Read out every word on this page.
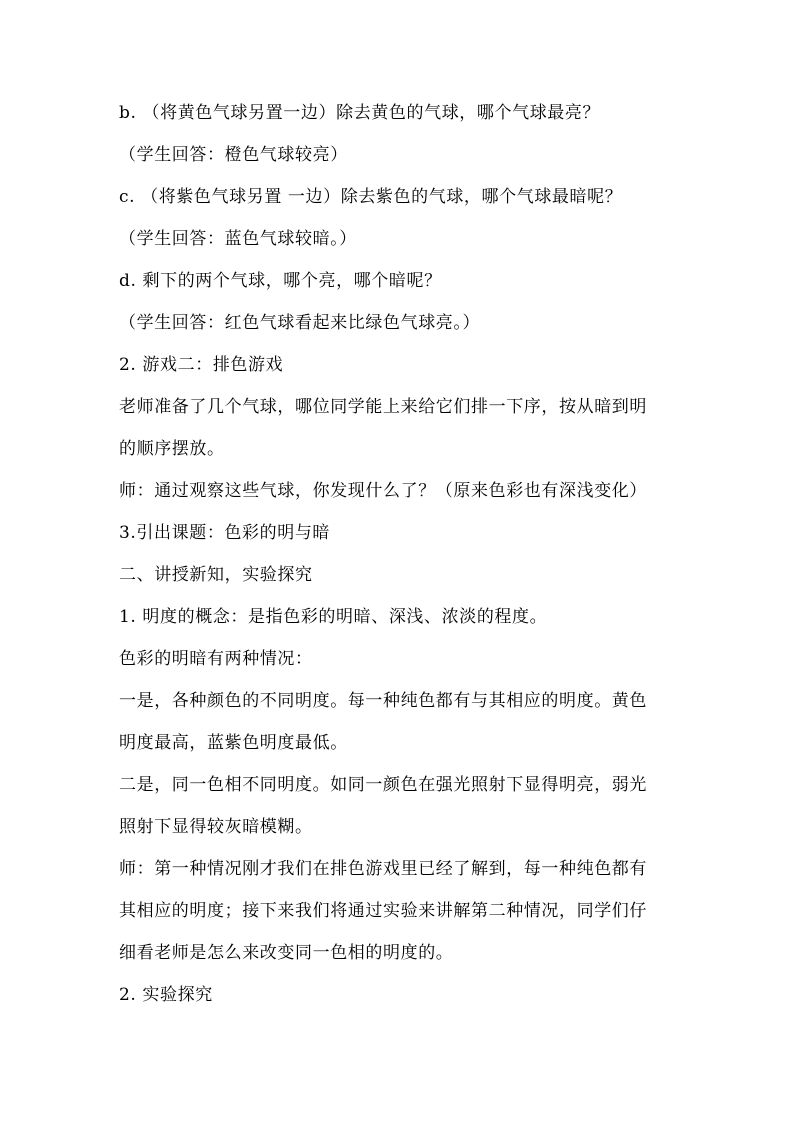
b. （将黄色气球另置一边）除去黄色的气球，哪个气球最亮？
（学生回答：橙色气球较亮）
c. （将紫色气球另置 一边）除去紫色的气球，哪个气球最暗呢？
（学生回答：蓝色气球较暗。）
d. 剩下的两个气球，哪个亮，哪个暗呢？
（学生回答：红色气球看起来比绿色气球亮。）
2. 游戏二：排色游戏
老师准备了几个气球，哪位同学能上来给它们排一下序，按从暗到明
的顺序摆放。
师：通过观察这些气球，你发现什么了？（原来色彩也有深浅变化）
3.引出课题：色彩的明与暗
二、讲授新知，实验探究
1. 明度的概念：是指色彩的明暗、深浅、浓淡的程度。
色彩的明暗有两种情况：
一是，各种颜色的不同明度。每一种纯色都有与其相应的明度。黄色
明度最高，蓝紫色明度最低。
二是，同一色相不同明度。如同一颜色在强光照射下显得明亮，弱光
照射下显得较灰暗模糊。
师：第一种情况刚才我们在排色游戏里已经了解到，每一种纯色都有
其相应的明度；接下来我们将通过实验来讲解第二种情况，同学们仔
细看老师是怎么来改变同一色相的明度的。
2. 实验探究
